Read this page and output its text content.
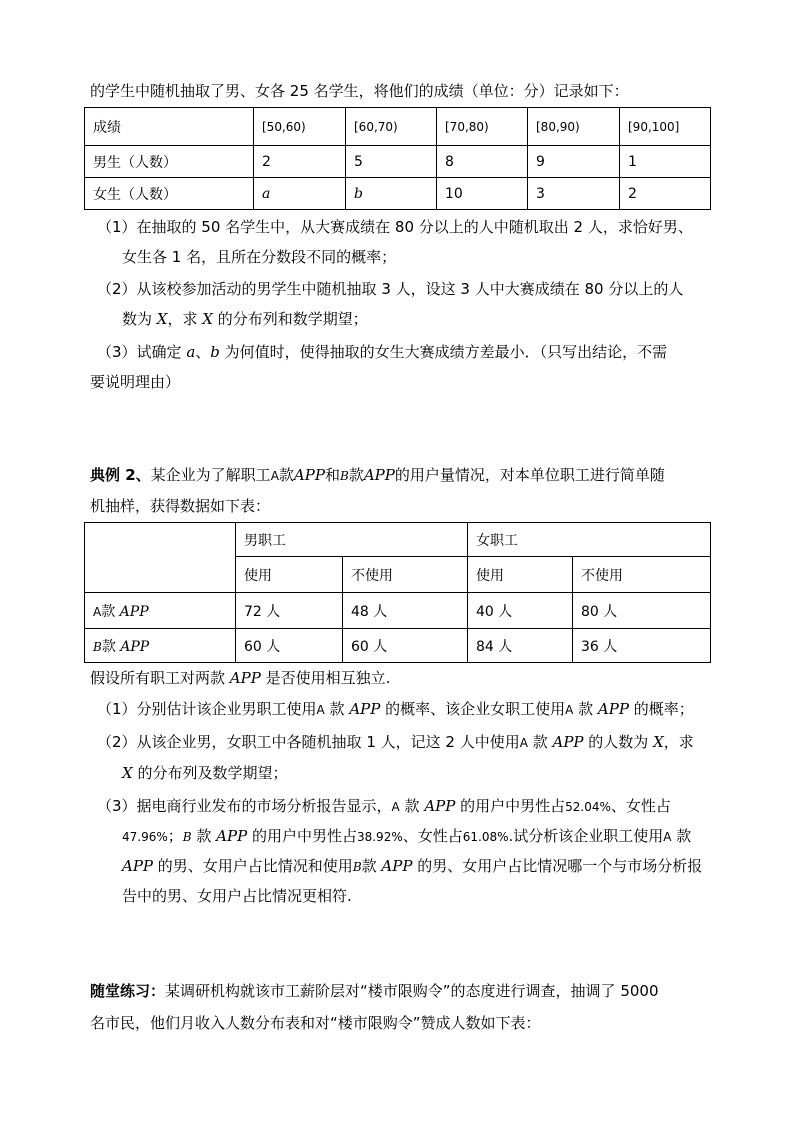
的学生中随机抽取了男、女各 25 名学生，将他们的成绩（单位：分）记录如下：
成绩	[50,60)	[60,70)	[70,80)	[80,90)	[90,100]
男生（人数）	2	5	8	9	1
女生（人数）	a	b	10	3	2
（1）在抽取的 50 名学生中，从大赛成绩在 80 分以上的人中随机取出 2 人，求恰好男、
女生各 1 名，且所在分数段不同的概率；
（2）从该校参加活动的男学生中随机抽取 3 人，设这 3 人中大赛成绩在 80 分以上的人
数为 X，求 X 的分布列和数学期望；
（3）试确定 a、b 为何值时，使得抽取的女生大赛成绩方差最小．（只写出结论，不需
要说明理由）
典例 2、某企业为了解职工A款APP和B款APP的用户量情况，对本单位职工进行简单随
机抽样，获得数据如下表：
	男职工		女职工	
	使用	不使用	使用	不使用
A款 APP	72 人	48 人	40 人	80 人
B款 APP	60 人	60 人	84 人	36 人
假设所有职工对两款 APP 是否使用相互独立.
（1）分别估计该企业男职工使用A 款 APP 的概率、该企业女职工使用A 款 APP 的概率；
（2）从该企业男，女职工中各随机抽取 1 人，记这 2 人中使用A 款 APP 的人数为 X，求
X 的分布列及数学期望；
（3）据电商行业发布的市场分析报告显示，A 款 APP 的用户中男性占52.04%、女性占
47.96%；B 款 APP 的用户中男性占38.92%、女性占61.08%.试分析该企业职工使用A 款
APP 的男、女用户占比情况和使用B款 APP 的男、女用户占比情况哪一个与市场分析报
告中的男、女用户占比情况更相符.
随堂练习：某调研机构就该市工薪阶层对“楼市限购令”的态度进行调查，抽调了 5000
名市民，他们月收入人数分布表和对“楼市限购令”赞成人数如下表：
